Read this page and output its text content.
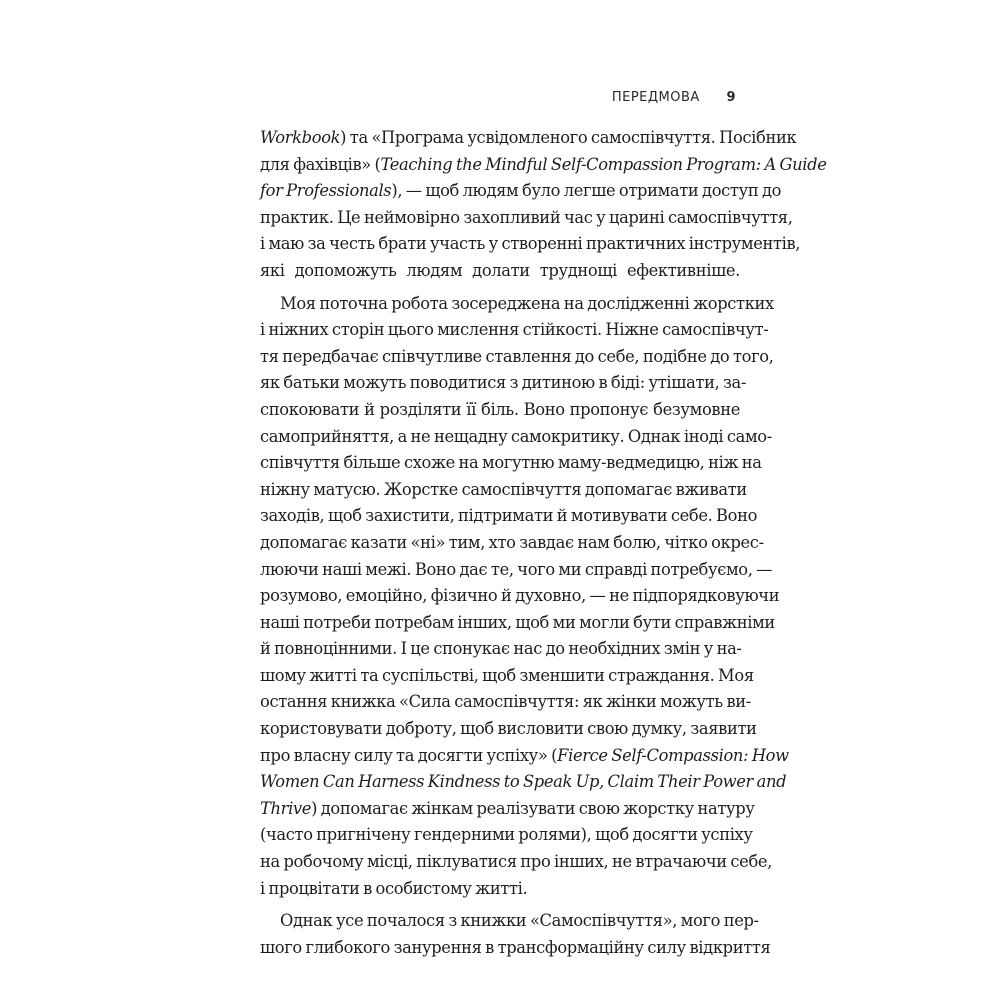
ПЕРЕДМОВА 9
Workbook) та «Програма усвідомленого самоспівчуття. Посібник
для фахівців» (Teaching the Mindful Self-Compassion Program: A Guide
for Professionals), — щоб людям було легше отримати доступ до
практик. Це неймовірно захопливий час у царині самоспівчуття,
і маю за честь брати участь у створенні практичних інструментів,
які допоможуть людям долати труднощі ефективніше.
Моя поточна робота зосереджена на дослідженні жорстких
і ніжних сторін цього мислення стійкості. Ніжне самоспівчут-
тя передбачає співчутливе ставлення до себе, подібне до того,
як батьки можуть поводитися з дитиною в біді: утішати, за-
спокоювати й розділяти її біль. Воно пропонує безумовне
самоприйняття, а не нещадну самокритику. Однак іноді само-
співчуття більше схоже на могутню маму-ведмедицю, ніж на
ніжну матусю. Жорстке самоспівчуття допомагає вживати
заходів, щоб захистити, підтримати й мотивувати себе. Воно
допомагає казати «ні» тим, хто завдає нам болю, чітко окрес-
люючи наші межі. Воно дає те, чого ми справді потребуємо, —
розумово, емоційно, фізично й духовно, — не підпорядковуючи
наші потреби потребам інших, щоб ми могли бути справжніми
й повноцінними. І це спонукає нас до необхідних змін у на-
шому житті та суспільстві, щоб зменшити страждання. Моя
остання книжка «Сила самоспівчуття: як жінки можуть ви-
користовувати доброту, щоб висловити свою думку, заявити
про власну силу та досягти успіху» (Fierce Self-Compassion: How
Women Can Harness Kindness to Speak Up, Claim Their Power and
Thrive) допомагає жінкам реалізувати свою жорстку натуру
(часто пригнічену гендерними ролями), щоб досягти успіху
на робочому місці, піклуватися про інших, не втрачаючи себе,
і процвітати в особистому житті.
Однак усе почалося з книжки «Самоспівчуття», мого пер-
шого глибокого занурення в трансформаційну силу відкриття
